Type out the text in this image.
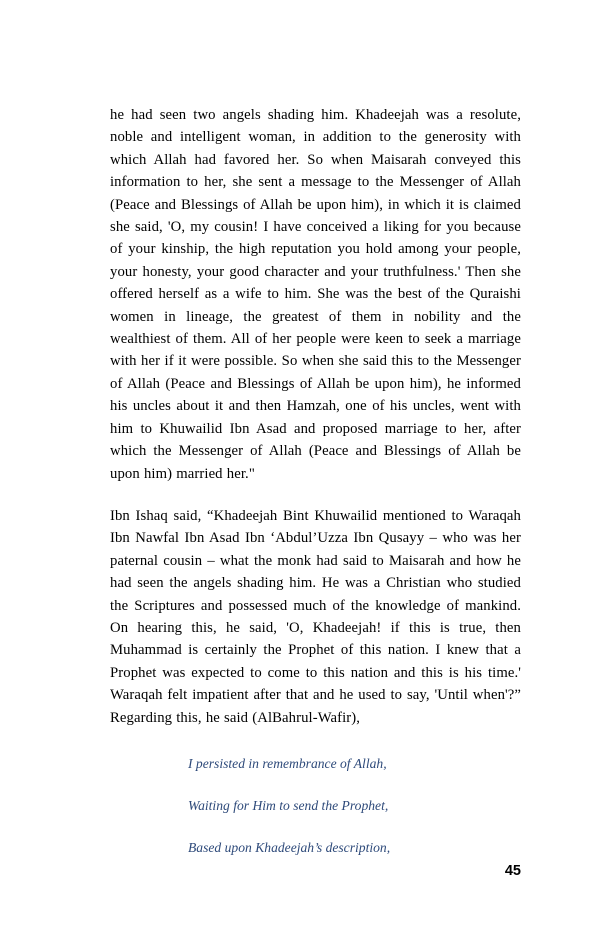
he had seen two angels shading him. Khadeejah was a resolute, noble and intelligent woman, in addition to the generosity with which Allah had favored her. So when Maisarah conveyed this information to her, she sent a message to the Messenger of Allah (Peace and Blessings of Allah be upon him), in which it is claimed she said, 'O, my cousin! I have conceived a liking for you because of your kinship, the high reputation you hold among your people, your honesty, your good character and your truthfulness.' Then she offered herself as a wife to him. She was the best of the Quraishi women in lineage, the greatest of them in nobility and the wealthiest of them. All of her people were keen to seek a marriage with her if it were possible. So when she said this to the Messenger of Allah (Peace and Blessings of Allah be upon him), he informed his uncles about it and then Hamzah, one of his uncles, went with him to Khuwailid Ibn Asad and proposed marriage to her, after which the Messenger of Allah (Peace and Blessings of Allah be upon him) married her."

Ibn Ishaq said, “Khadeejah Bint Khuwailid mentioned to Waraqah Ibn Nawfal Ibn Asad Ibn ‘Abdul’Uzza Ibn Qusayy – who was her paternal cousin – what the monk had said to Maisarah and how he had seen the angels shading him. He was a Christian who studied the Scriptures and possessed much of the knowledge of mankind. On hearing this, he said, 'O, Khadeejah! if this is true, then Muhammad is certainly the Prophet of this nation. I knew that a Prophet was expected to come to this nation and this is his time.' Waraqah felt impatient after that and he used to say, 'Until when'?” Regarding this, he said (AlBahrul-Wafir),

I persisted in remembrance of Allah,
Waiting for Him to send the Prophet,
Based upon Khadeejah’s description,
45
